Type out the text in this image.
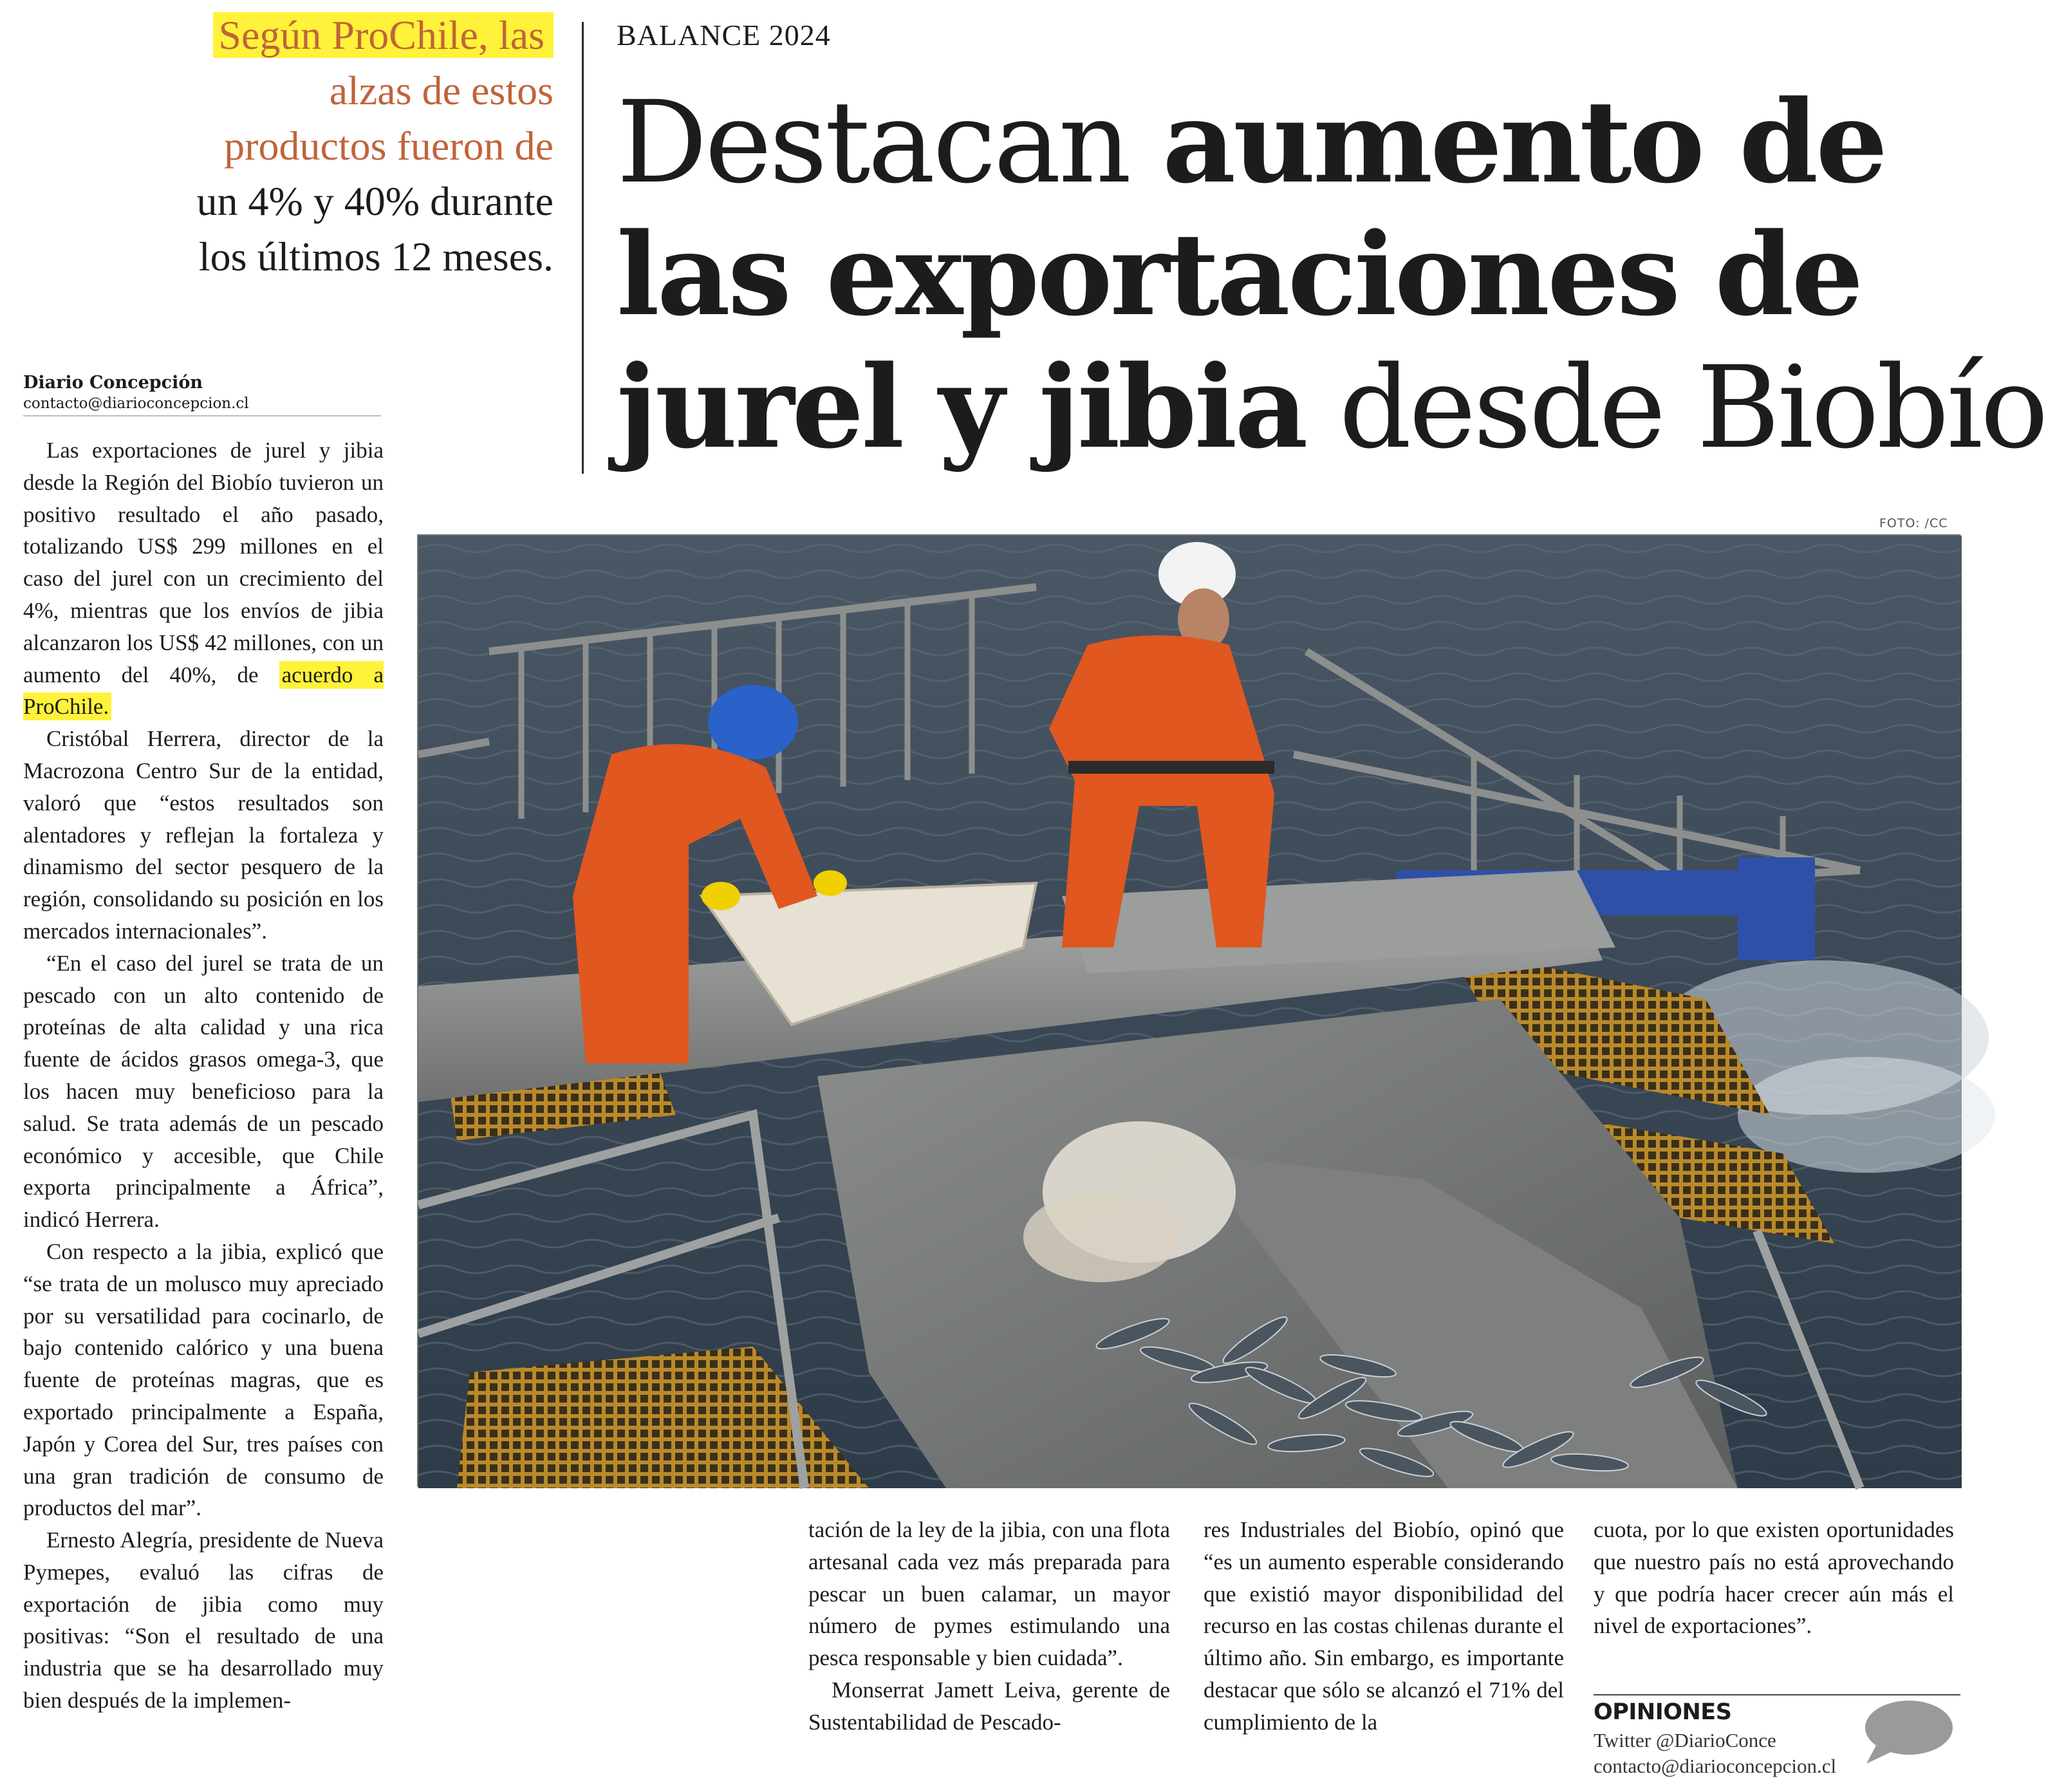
Según ProChile, las
alzas de estos
productos fueron de
un 4% y 40% durante
los últimos 12 meses.
Diario Concepción
contacto@diarioconcepcion.cl
BALANCE 2024
Destacan aumento de
las exportaciones de
jurel y jibia desde Biobío
FOTO: /CC

Las exportaciones de jurel y jibia desde la Región del Biobío tuvieron un positivo resultado el año pasado, totalizando US$ 299 millones en el caso del jurel con un crecimiento del 4%, mientras que los envíos de jibia alcanzaron los US$ 42 millones, con un aumento del 40%, de acuerdo a ProChile.

Cristóbal Herrera, director de la Macrozona Centro Sur de la entidad, valoró que “estos resultados son alentadores y reflejan la fortaleza y dinamismo del sector pesquero de la región, consolidando su posición en los mercados internacionales”.

“En el caso del jurel se trata de un pescado con un alto contenido de proteínas de alta calidad y una rica fuente de ácidos grasos omega-3, que los hacen muy beneficioso para la salud. Se trata además de un pescado económico y accesible, que Chile exporta principalmente a África”, indicó Herrera.

Con respecto a la jibia, explicó que “se trata de un molusco muy apreciado por su versatilidad para cocinarlo, de bajo contenido calórico y una buena fuente de proteínas magras, que es exportado principalmente a España, Japón y Corea del Sur, tres países con una gran tradición de consumo de productos del mar”.

Ernesto Alegría, presidente de Nueva Pymepes, evaluó las cifras de exportación de jibia como muy positivas: “Son el resultado de una industria que se ha desarrollado muy bien después de la implemen-

tación de la ley de la jibia, con una flota artesanal cada vez más preparada para pescar un buen calamar, un mayor número de pymes estimulando una pesca responsable y bien cuidada”.

Monserrat Jamett Leiva, gerente de Sustentabilidad de Pescado-

res Industriales del Biobío, opinó que “es un aumento esperable considerando que existió mayor disponibilidad del recurso en las costas chilenas durante el último año. Sin embargo, es importante destacar que sólo se alcanzó el 71% del cumplimiento de la

cuota, por lo que existen oportunidades que nuestro país no está aprovechando y que podría hacer crecer aún más el nivel de exportaciones”.

OPINIONES
Twitter @DiarioConce
contacto@diarioconcepcion.cl
